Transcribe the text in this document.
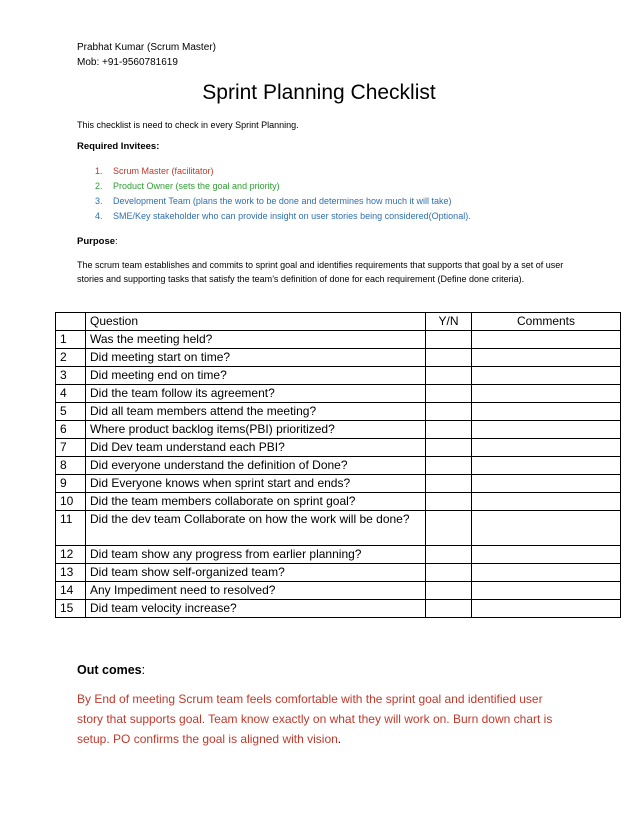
Prabhat Kumar (Scrum Master)
Mob: +91-9560781619
Sprint Planning Checklist
This checklist is need to check in every Sprint Planning.
Required Invitees:
1. Scrum Master (facilitator)
2. Product Owner (sets the goal and priority)
3. Development Team (plans the work to be done and determines how much it will take)
4. SME/Key stakeholder who can provide insight on user stories being considered(Optional).
Purpose:
The scrum team establishes and commits to sprint goal and identifies requirements that supports that goal by a set of user stories and supporting tasks that satisfy the team’s definition of done for each requirement (Define done criteria).
	Question	Y/N	Comments
1	Was the meeting held?		
2	Did meeting start on time?		
3	Did meeting end on time?		
4	Did the team follow its agreement?		
5	Did all team members attend the meeting?		
6	Where product backlog items(PBI) prioritized?		
7	Did Dev team understand each PBI?		
8	Did everyone understand the definition of Done?		
9	Did Everyone knows when sprint start and ends?		
10	Did the team members collaborate on sprint goal?		
11	Did the dev team Collaborate on how the work will be done?		
12	Did team show any progress from earlier planning?		
13	Did team show self-organized team?		
14	Any Impediment need to resolved?		
15	Did team velocity increase?		
Out comes:
By End of meeting Scrum team feels comfortable with the sprint goal and identified user story that supports goal. Team know exactly on what they will work on. Burn down chart is setup. PO confirms the goal is aligned with vision.
